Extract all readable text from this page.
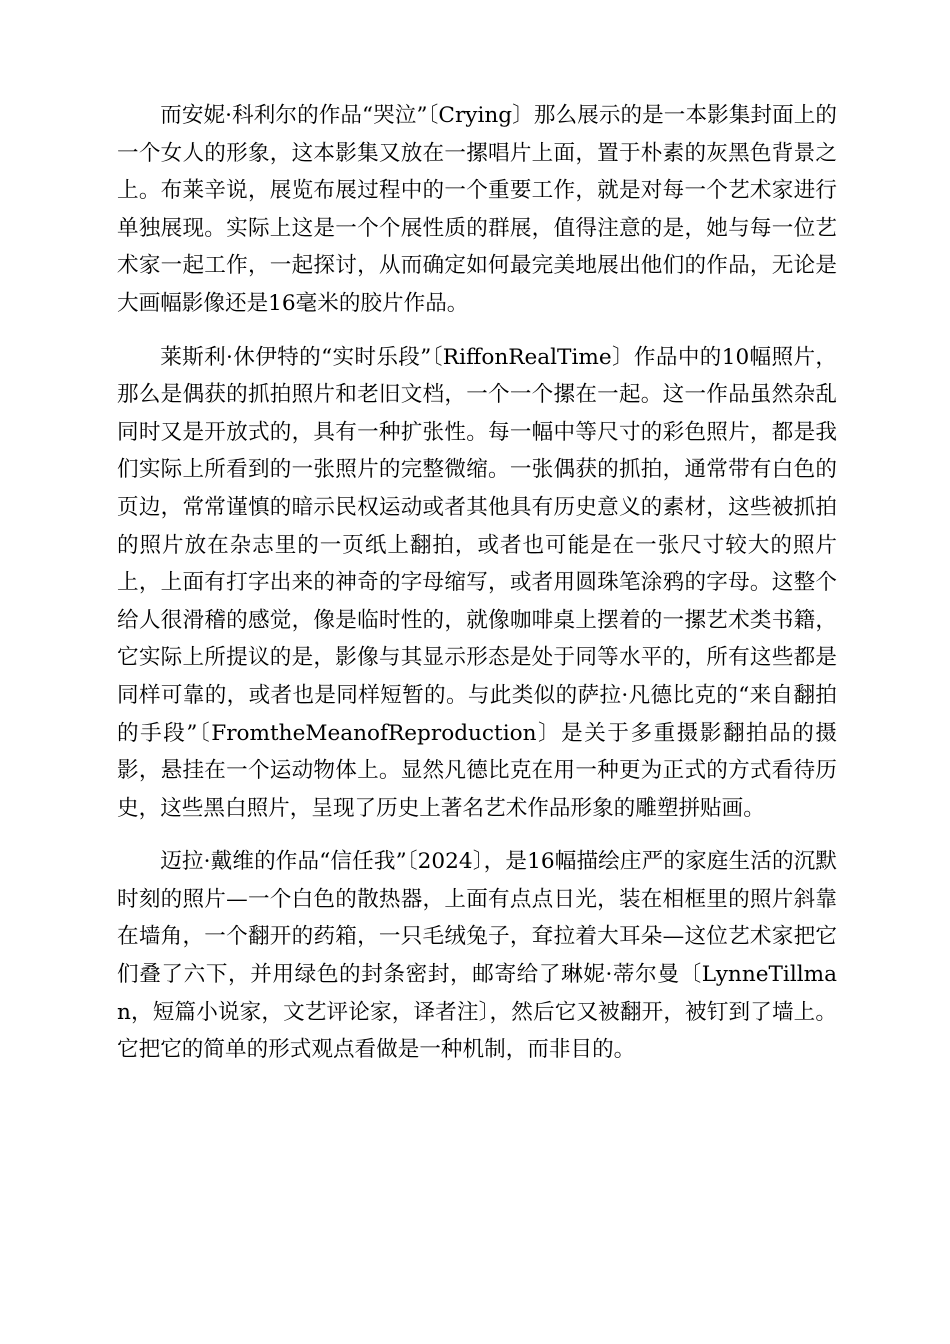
而安妮·科利尔的作品“哭泣”〔Crying〕那么展示的是一本影集封面上的一个女人的形象，这本影集又放在一摞唱片上面，置于朴素的灰黑色背景之上。布莱辛说，展览布展过程中的一个重要工作，就是对每一个艺术家进行单独展现。实际上这是一个个展性质的群展，值得注意的是，她与每一位艺术家一起工作，一起探讨，从而确定如何最完美地展出他们的作品，无论是大画幅影像还是16毫米的胶片作品。

莱斯利·休伊特的“实时乐段”〔RiffonRealTime〕作品中的10幅照片，那么是偶获的抓拍照片和老旧文档，一个一个摞在一起。这一作品虽然杂乱同时又是开放式的，具有一种扩张性。每一幅中等尺寸的彩色照片，都是我们实际上所看到的一张照片的完整微缩。一张偶获的抓拍，通常带有白色的页边，常常谨慎的暗示民权运动或者其他具有历史意义的素材，这些被抓拍的照片放在杂志里的一页纸上翻拍，或者也可能是在一张尺寸较大的照片上，上面有打字出来的神奇的字母缩写，或者用圆珠笔涂鸦的字母。这整个给人很滑稽的感觉，像是临时性的，就像咖啡桌上摆着的一摞艺术类书籍，它实际上所提议的是，影像与其显示形态是处于同等水平的，所有这些都是同样可靠的，或者也是同样短暂的。与此类似的萨拉·凡德比克的“来自翻拍的手段”〔FromtheMeanofReproduction〕是关于多重摄影翻拍品的摄影，悬挂在一个运动物体上。显然凡德比克在用一种更为正式的方式看待历史，这些黑白照片，呈现了历史上著名艺术作品形象的雕塑拼贴画。

迈拉·戴维的作品“信任我”〔2024〕，是16幅描绘庄严的家庭生活的沉默时刻的照片—一个白色的散热器，上面有点点日光，装在相框里的照片斜靠在墙角，一个翻开的药箱，一只毛绒兔子，耷拉着大耳朵—这位艺术家把它们叠了六下，并用绿色的封条密封，邮寄给了琳妮·蒂尔曼〔LynneTillman，短篇小说家，文艺评论家，译者注〕，然后它又被翻开，被钉到了墙上。它把它的简单的形式观点看做是一种机制，而非目的。
